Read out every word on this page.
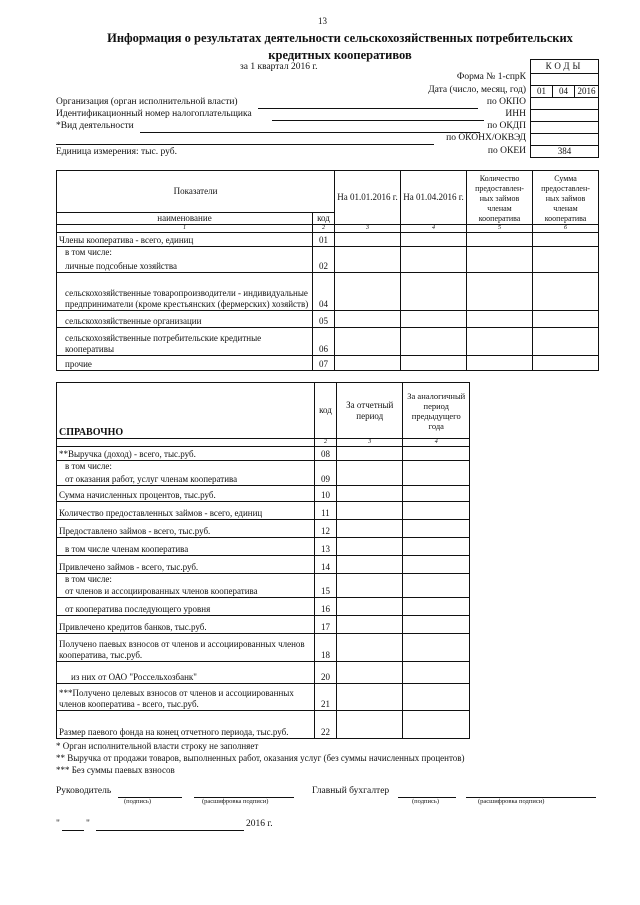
13
Информация о результатах деятельности сельскохозяйственных потребительских
кредитных кооперативов
за 1 квартал 2016 г.	КОДЫ
Форма № 1-спрК
Дата (число, месяц, год)	01	04	2016
Организация (орган исполнительной власти)	по ОКПО
Идентификационный номер налогоплательщика	ИНН
*Вид деятельности	по ОКДП
по ОКОНХ/ОКВЭД
Единица измерения: тыс. руб.	по ОКЕИ	384
Показатели		На 01.01.2016 г.	На 01.04.2016 г.	Количество предоставлен-ных займов членам кооператива	Сумма предоставлен-ных займов членам кооператива
наименование	код				
1	2	3	4	5	6
Члены кооператива - всего, единиц	01				
в том числе:					
личные подсобные хозяйства	02				
сельскохозяйственные товаропроизводители - индивидуальные предприниматели (кроме крестьянских (фермерских) хозяйств)	04				
сельскохозяйственные организации	05				
сельскохозяйственные потребительские кредитные кооперативы	06				
прочие	07				
СПРАВОЧНО	код	За отчетный период	За аналогичный период предыдущего года
	2	3	4
**Выручка (доход) - всего, тыс.руб.	08		
в том числе:			
от оказания работ, услуг членам кооператива	09		
Сумма начисленных процентов, тыс.руб.	10		
Количество предоставленных займов - всего, единиц	11		
Предоставлено займов - всего, тыс.руб.	12		
в том числе членам кооператива	13		
Привлечено займов - всего, тыс.руб.	14		
в том числе:			
от членов и ассоциированных членов кооператива	15		
от кооператива последующего уровня	16		
Привлечено кредитов банков, тыс.руб.	17		
Получено паевых взносов от членов и ассоциированных членов кооператива, тыс.руб.	18		
из них от ОАО "Россельхозбанк"	20		
***Получено целевых взносов от членов и ассоциированных членов кооператива - всего, тыс.руб.	21		
Размер паевого фонда на конец отчетного периода, тыс.руб.	22		
* Орган исполнительной власти строку не заполняет
** Выручка от продажи товаров, выполненных работ, оказания услуг (без суммы начисленных процентов)
*** Без суммы паевых взносов
Руководитель
(подпись)	(расшифровка подписи)
Главный бухгалтер
(подпись)	(расшифровка подписи)
"	"	2016 г.
